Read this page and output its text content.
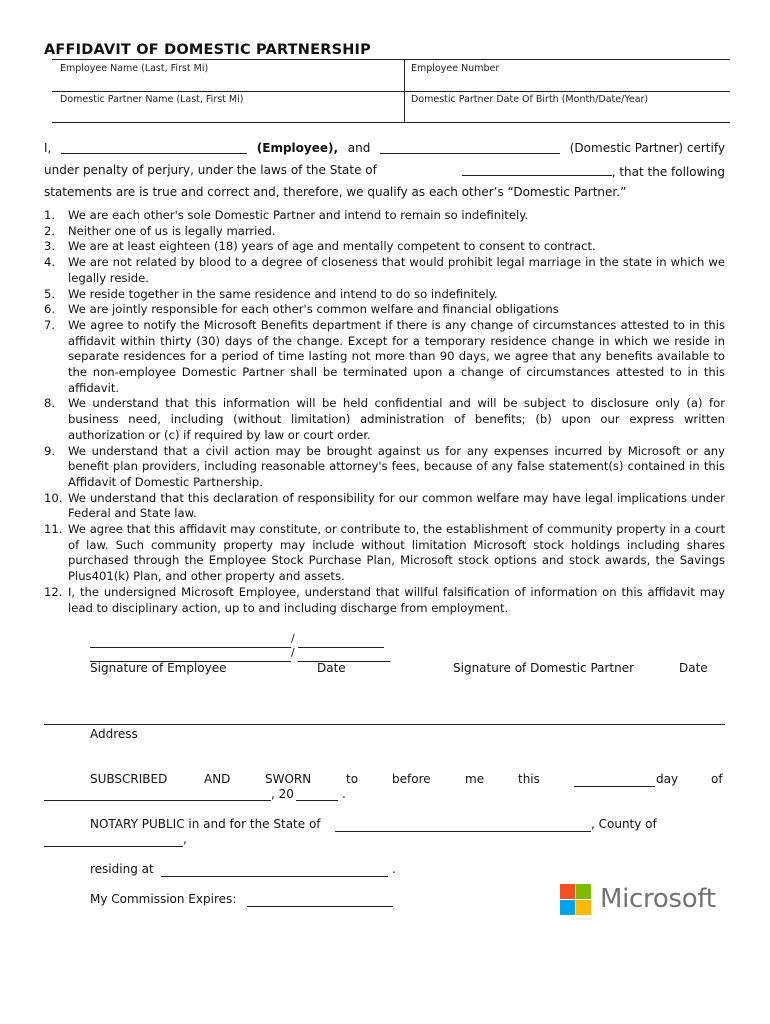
AFFIDAVIT OF DOMESTIC PARTNERSHIP
Employee Name (Last, First Mi)	Employee Number
Domestic Partner Name (Last, First Mi)	Domestic Partner Date Of Birth (Month/Date/Year)
I,	(Employee), and	(Domestic Partner) certify
under penalty of perjury, under the laws of the State of	, that the following
statements are is true and correct and, therefore, we qualify as each other’s “Domestic Partner.”
1. We are each other's sole Domestic Partner and intend to remain so indefinitely.
2. Neither one of us is legally married.
3. We are at least eighteen (18) years of age and mentally competent to consent to contract.
4. We are not related by blood to a degree of closeness that would prohibit legal marriage in the state in which we legally reside.
5. We reside together in the same residence and intend to do so indefinitely.
6. We are jointly responsible for each other's common welfare and financial obligations
7. We agree to notify the Microsoft Benefits department if there is any change of circumstances attested to in this affidavit within thirty (30) days of the change. Except for a temporary residence change in which we reside in separate residences for a period of time lasting not more than 90 days, we agree that any benefits available to the non-employee Domestic Partner shall be terminated upon a change of circumstances attested to in this affidavit.
8. We understand that this information will be held confidential and will be subject to disclosure only (a) for business need, including (without limitation) administration of benefits; (b) upon our express written authorization or (c) if required by law or court order.
9. We understand that a civil action may be brought against us for any expenses incurred by Microsoft or any benefit plan providers, including reasonable attorney's fees, because of any false statement(s) contained in this Affidavit of Domestic Partnership.
10. We understand that this declaration of responsibility for our common welfare may have legal implications under Federal and State law.
11. We agree that this affidavit may constitute, or contribute to, the establishment of community property in a court of law. Such community property may include without limitation Microsoft stock holdings including shares purchased through the Employee Stock Purchase Plan, Microsoft stock options and stock awards, the Savings Plus401(k) Plan, and other property and assets.
12. I, the undersigned Microsoft Employee, understand that willful falsification of information on this affidavit may lead to disciplinary action, up to and including discharge from employment.
/
/
Signature of Employee	Date	Signature of Domestic Partner	Date
Address
SUBSCRIBED	AND	SWORN	to	before	me	this	day	of
, 20	.
NOTARY PUBLIC in and for the State of	, County of
,
residing at	.
My Commission Expires:	Microsoft
